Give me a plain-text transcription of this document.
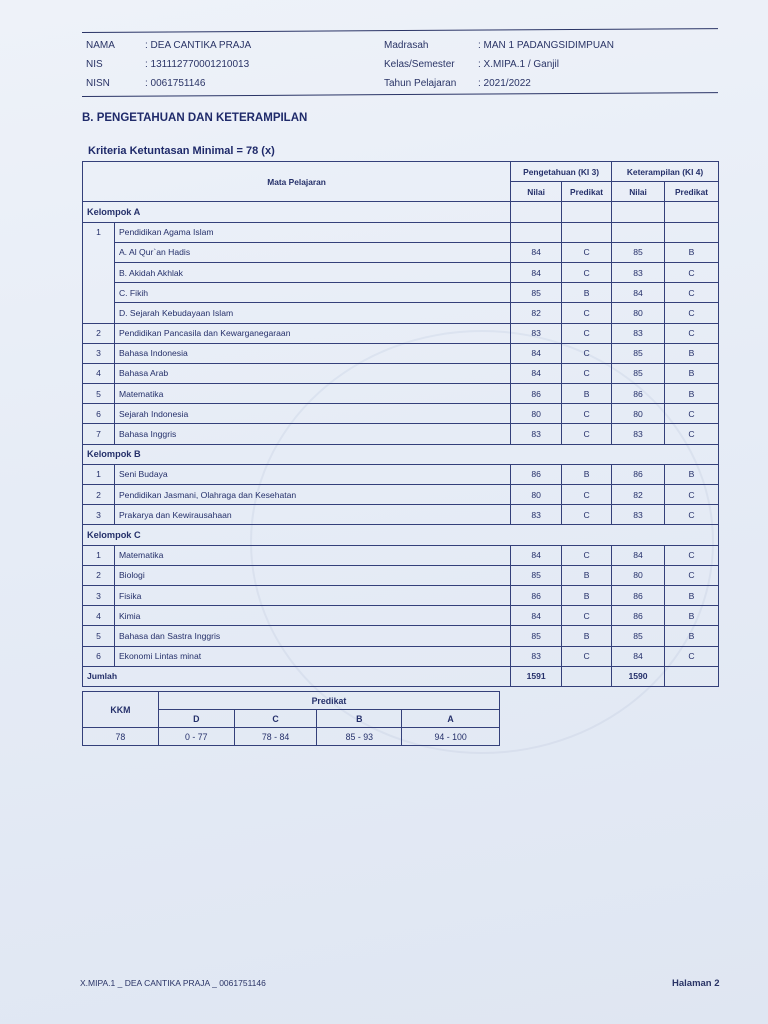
NAMA	: DEA CANTIKA PRAJA
NIS	: 131112770001210013
NISN	: 0061751146
Madrasah	: MAN 1 PADANGSIDIMPUAN
Kelas/Semester : X.MIPA.1 / Ganjil
Tahun Pelajaran : 2021/2022
B. PENGETAHUAN DAN KETERAMPILAN
Kriteria Ketuntasan Minimal = 78 (x)
Mata Pelajaran		Pengetahuan (KI 3)		Keterampilan (KI 4)	
		Nilai	Predikat	Nilai	Predikat
Kelompok A					
1	Pendidikan Agama Islam				
	A. Al Qur`an Hadis	84	C	85	B
	B. Akidah Akhlak	84	C	83	C
	C. Fikih	85	B	84	C
	D. Sejarah Kebudayaan Islam	82	C	80	C
2	Pendidikan Pancasila dan Kewarganegaraan	83	C	83	C
3	Bahasa Indonesia	84	C	85	B
4	Bahasa Arab	84	C	85	B
5	Matematika	86	B	86	B
6	Sejarah Indonesia	80	C	80	C
7	Bahasa Inggris	83	C	83	C
Kelompok B					
1	Seni Budaya	86	B	86	B
2	Pendidikan Jasmani, Olahraga dan Kesehatan	80	C	82	C
3	Prakarya dan Kewirausahaan	83	C	83	C
Kelompok C					
1	Matematika	84	C	84	C
2	Biologi	85	B	80	C
3	Fisika	86	B	86	B
4	Kimia	84	C	86	B
5	Bahasa dan Sastra Inggris	85	B	85	B
6	Ekonomi Lintas minat	83	C	84	C
Jumlah		1591		1590	
KKM	Predikat			
	D	C	B	A
78	0 - 77	78 - 84	85 - 93	94 - 100
X.MIPA.1 _ DEA CANTIKA PRAJA _ 0061751146	Halaman 2
